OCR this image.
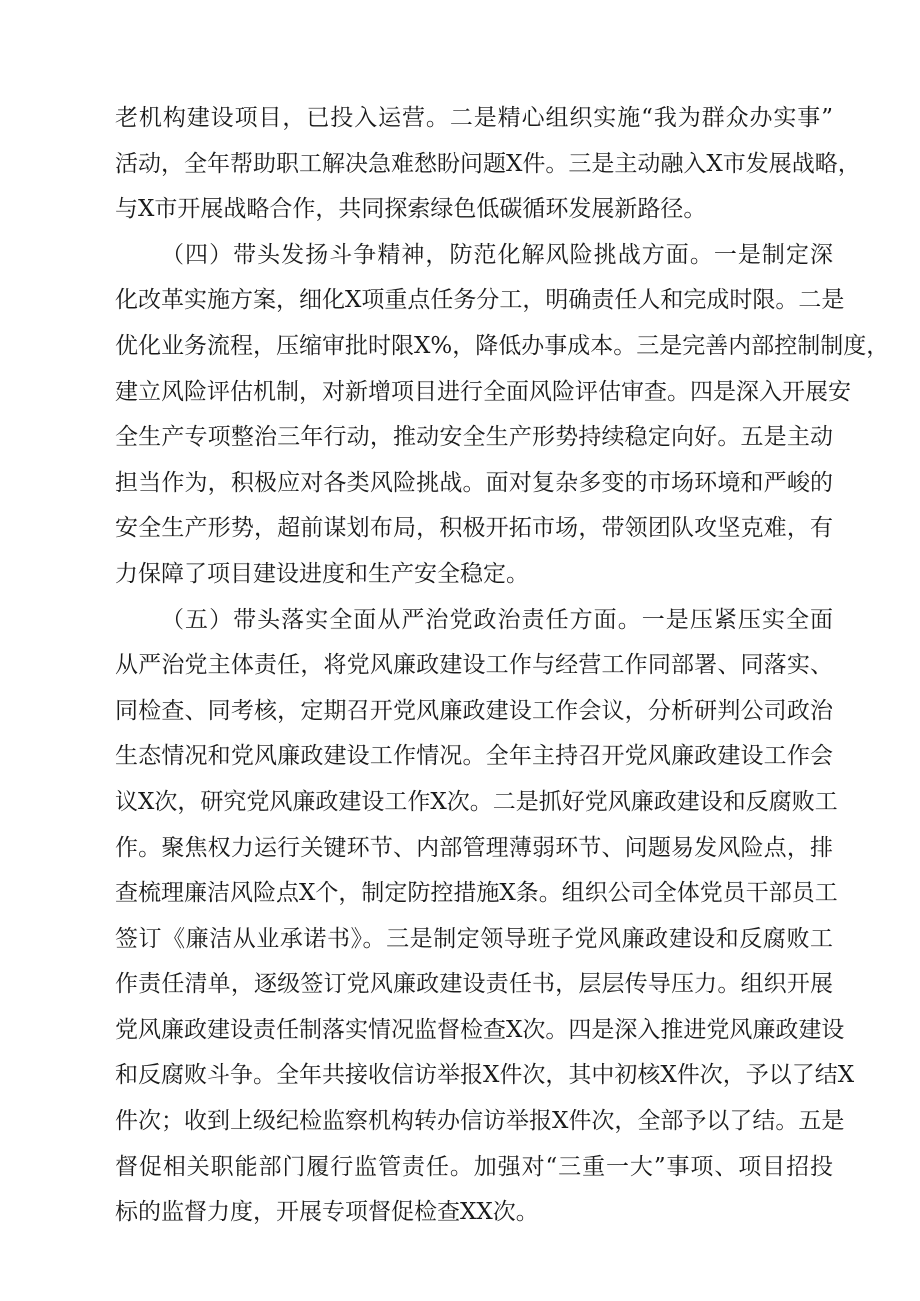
老机构建设项目，已投入运营。二是精心组织实施“我为群众办实事”
活动，全年帮助职工解决急难愁盼问题X件。三是主动融入X市发展战略，
与X市开展战略合作，共同探索绿色低碳循环发展新路径。
（四）带头发扬斗争精神，防范化解风险挑战方面。一是制定深
化改革实施方案，细化X项重点任务分工，明确责任人和完成时限。二是
优化业务流程，压缩审批时限X%，降低办事成本。三是完善内部控制制度，
建立风险评估机制，对新增项目进行全面风险评估审查。四是深入开展安
全生产专项整治三年行动，推动安全生产形势持续稳定向好。五是主动
担当作为，积极应对各类风险挑战。面对复杂多变的市场环境和严峻的
安全生产形势，超前谋划布局，积极开拓市场，带领团队攻坚克难，有
力保障了项目建设进度和生产安全稳定。
（五）带头落实全面从严治党政治责任方面。一是压紧压实全面
从严治党主体责任，将党风廉政建设工作与经营工作同部署、同落实、
同检查、同考核，定期召开党风廉政建设工作会议，分析研判公司政治
生态情况和党风廉政建设工作情况。全年主持召开党风廉政建设工作会
议X次，研究党风廉政建设工作X次。二是抓好党风廉政建设和反腐败工
作。聚焦权力运行关键环节、内部管理薄弱环节、问题易发风险点，排
查梳理廉洁风险点X个，制定防控措施X条。组织公司全体党员干部员工
签订《廉洁从业承诺书》。三是制定领导班子党风廉政建设和反腐败工
作责任清单，逐级签订党风廉政建设责任书，层层传导压力。组织开展
党风廉政建设责任制落实情况监督检查X次。四是深入推进党风廉政建设
和反腐败斗争。全年共接收信访举报X件次，其中初核X件次，予以了结X
件次；收到上级纪检监察机构转办信访举报X件次，全部予以了结。五是
督促相关职能部门履行监管责任。加强对“三重一大”事项、项目招投
标的监督力度，开展专项督促检查XX次。
